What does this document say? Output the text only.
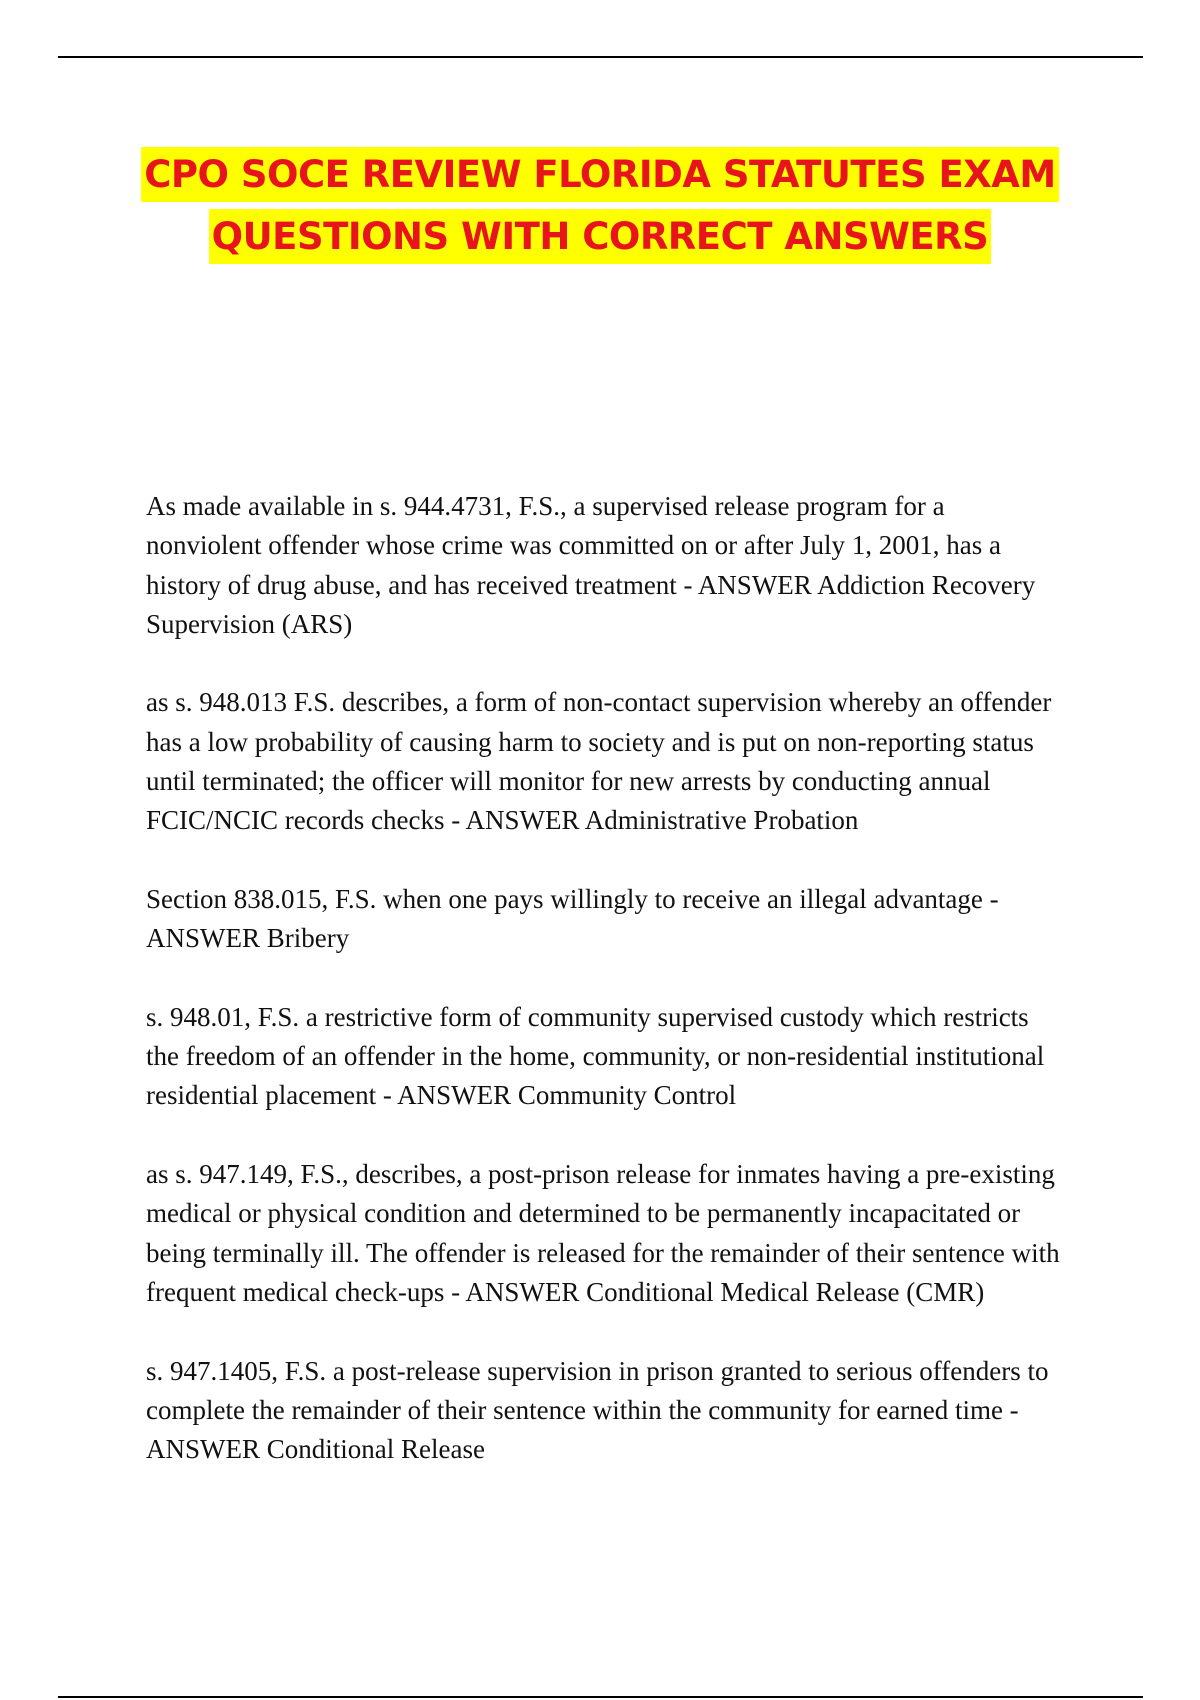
CPO SOCE REVIEW FLORIDA STATUTES EXAM QUESTIONS WITH CORRECT ANSWERS

As made available in s. 944.4731, F.S., a supervised release program for a nonviolent offender whose crime was committed on or after July 1, 2001, has a history of drug abuse, and has received treatment - ANSWER Addiction Recovery Supervision (ARS)

as s. 948.013 F.S. describes, a form of non-contact supervision whereby an offender has a low probability of causing harm to society and is put on non-reporting status until terminated; the officer will monitor for new arrests by conducting annual FCIC/NCIC records checks - ANSWER Administrative Probation

Section 838.015, F.S. when one pays willingly to receive an illegal advantage - ANSWER Bribery

s. 948.01, F.S. a restrictive form of community supervised custody which restricts the freedom of an offender in the home, community, or non-residential institutional residential placement - ANSWER Community Control

as s. 947.149, F.S., describes, a post-prison release for inmates having a pre-existing medical or physical condition and determined to be permanently incapacitated or being terminally ill. The offender is released for the remainder of their sentence with frequent medical check-ups - ANSWER Conditional Medical Release (CMR)

s. 947.1405, F.S. a post-release supervision in prison granted to serious offenders to complete the remainder of their sentence within the community for earned time - ANSWER Conditional Release
